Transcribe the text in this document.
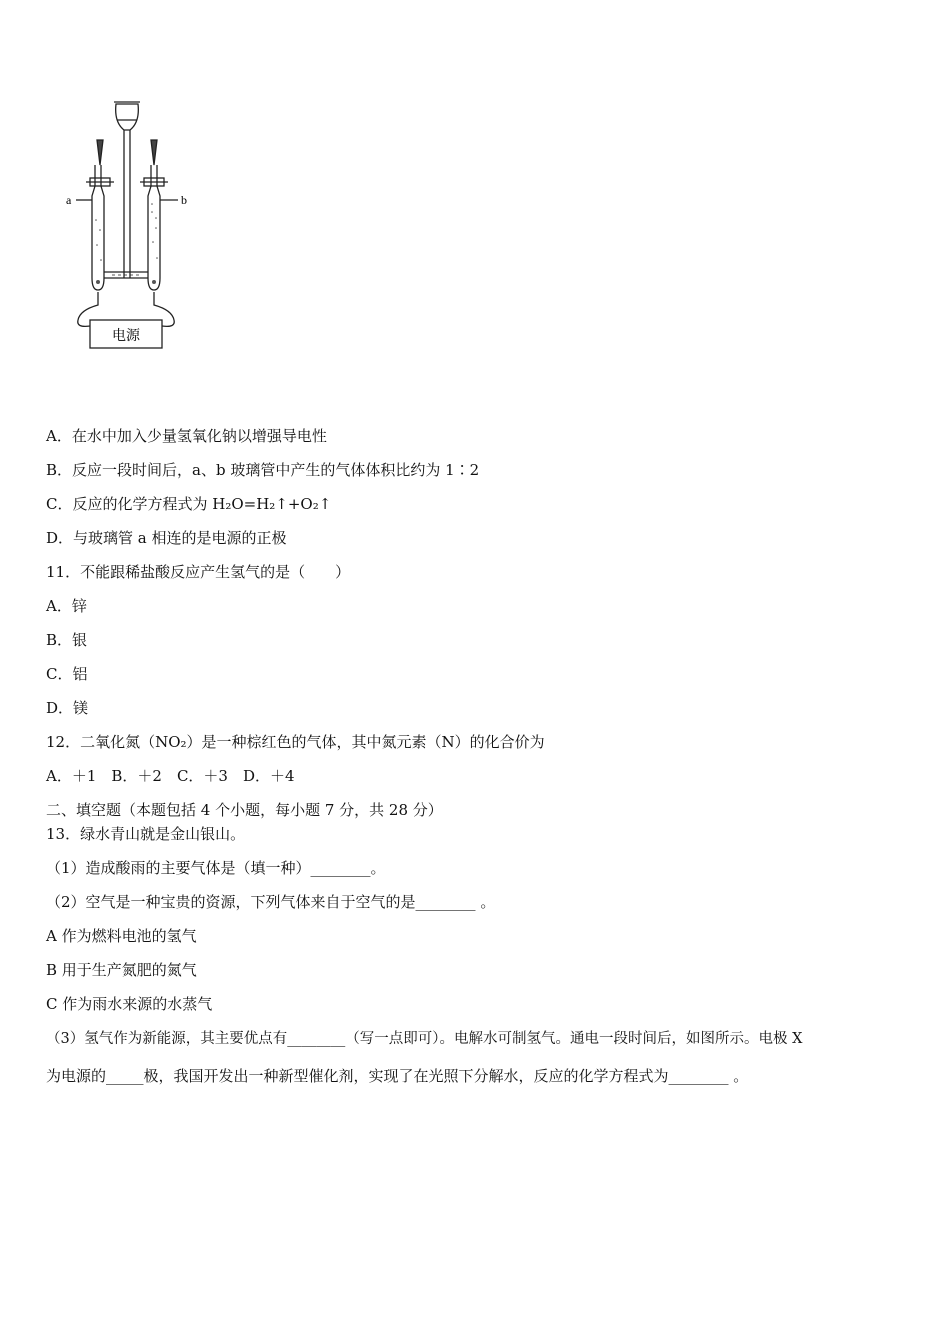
a	b
电源
A．在水中加入少量氢氧化钠以增强导电性
B．反应一段时间后，a、b 玻璃管中产生的气体体积比约为 1∶2
C．反应的化学方程式为 H₂O=H₂↑+O₂↑
D．与玻璃管 a 相连的是电源的正极
11．不能跟稀盐酸反应产生氢气的是（　　）
A．锌
B．银
C．铝
D．镁
12．二氧化氮（NO₂）是一种棕红色的气体，其中氮元素（N）的化合价为
A．＋1　B．＋2　C．＋3　D．＋4
二、填空题（本题包括 4 个小题，每小题 7 分，共 28 分）
13．绿水青山就是金山银山。
（1）造成酸雨的主要气体是（填一种）________。
（2）空气是一种宝贵的资源，下列气体来自于空气的是________ 。
A 作为燃料电池的氢气
B 用于生产氮肥的氮气
C 作为雨水来源的水蒸气
（3）氢气作为新能源，其主要优点有________（写一点即可）。电解水可制氢气。通电一段时间后，如图所示。电极 X
为电源的_____极，我国开发出一种新型催化剂，实现了在光照下分解水，反应的化学方程式为________ 。
